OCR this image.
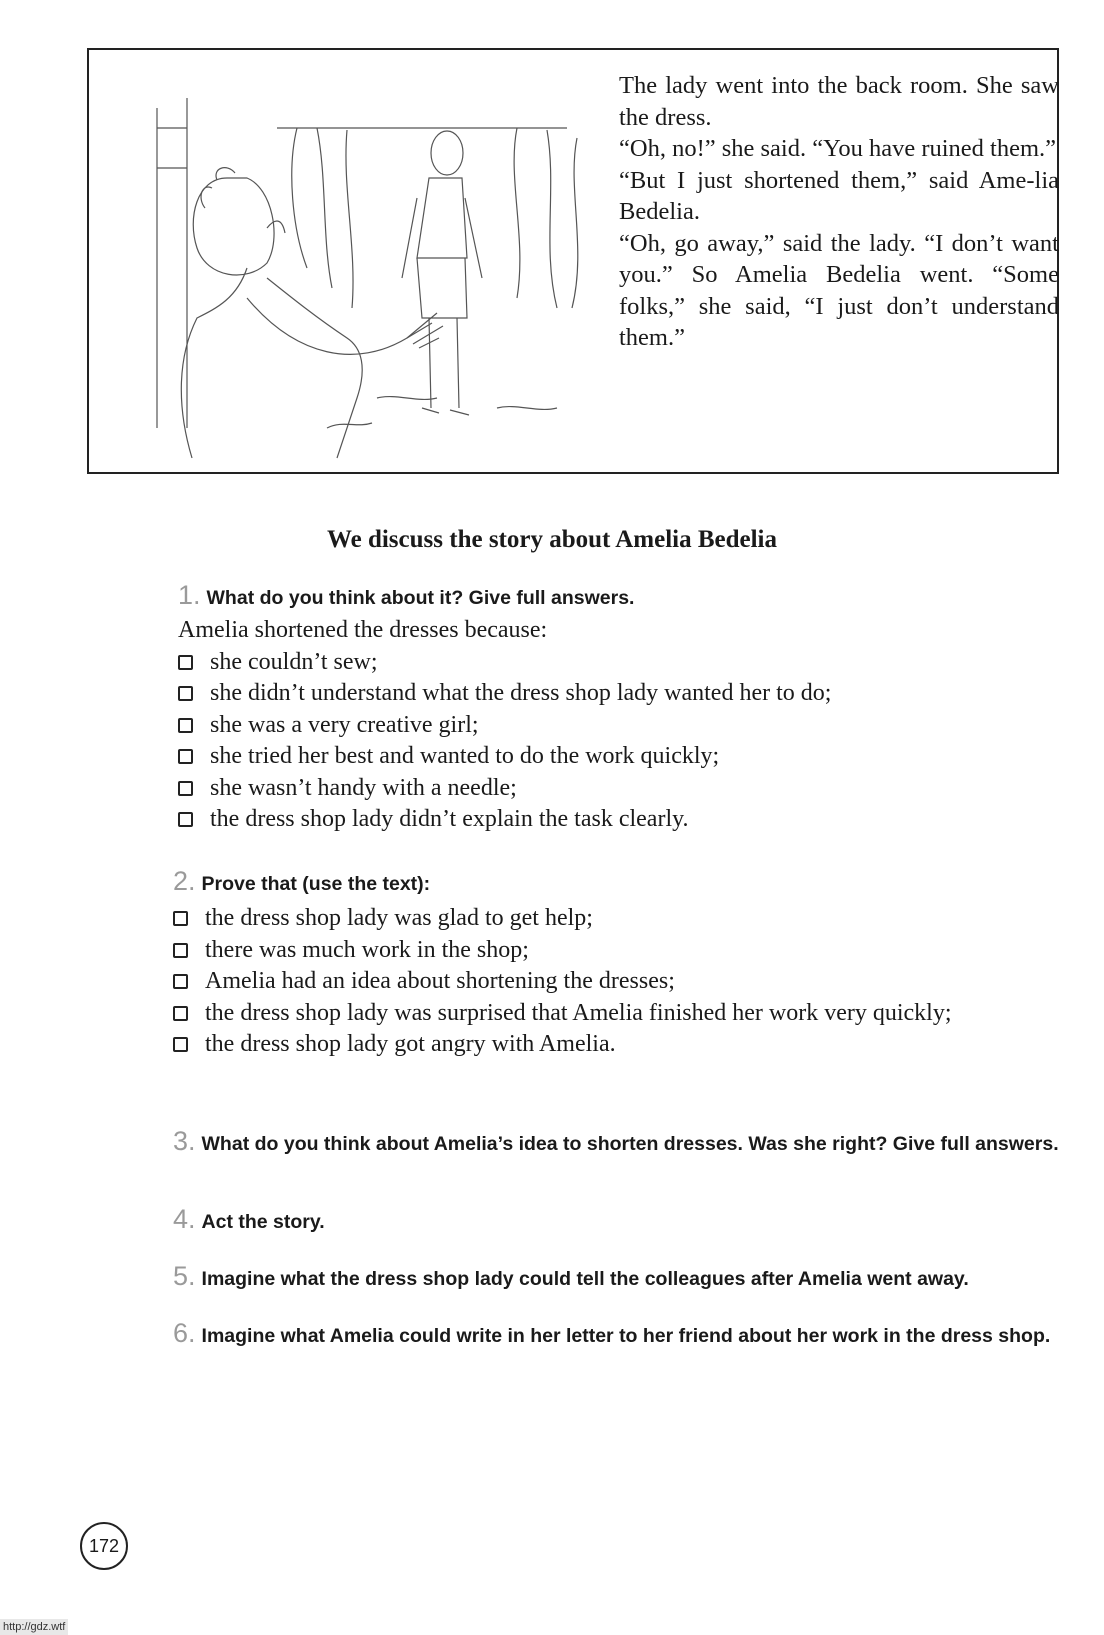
The lady went into the back room. She saw the dress.

“Oh, no!” she said. “You have ruined them.”

“But I just shortened them,” said Ame-lia Bedelia.

“Oh, go away,” said the lady. “I don’t want you.” So Amelia Bedelia went. “Some folks,” she said, “I just don’t understand them.”

We discuss the story about Amelia Bedelia

1. What do you think about it? Give full answers.

Amelia shortened the dresses because:

she couldn’t sew;
she didn’t understand what the dress shop lady wanted her to do;
she was a very creative girl;
she tried her best and wanted to do the work quickly;
she wasn’t handy with a needle;
the dress shop lady didn’t explain the task clearly.

2. Prove that (use the text):

the dress shop lady was glad to get help;
there was much work in the shop;
Amelia had an idea about shortening the dresses;
the dress shop lady was surprised that Amelia finished her work very quickly;
the dress shop lady got angry with Amelia.

3. What do you think about Amelia’s idea to shorten dresses. Was she right? Give full answers.

4. Act the story.

5. Imagine what the dress shop lady could tell the colleagues after Amelia went away.

6. Imagine what Amelia could write in her letter to her friend about her work in the dress shop.

172
http://gdz.wtf
